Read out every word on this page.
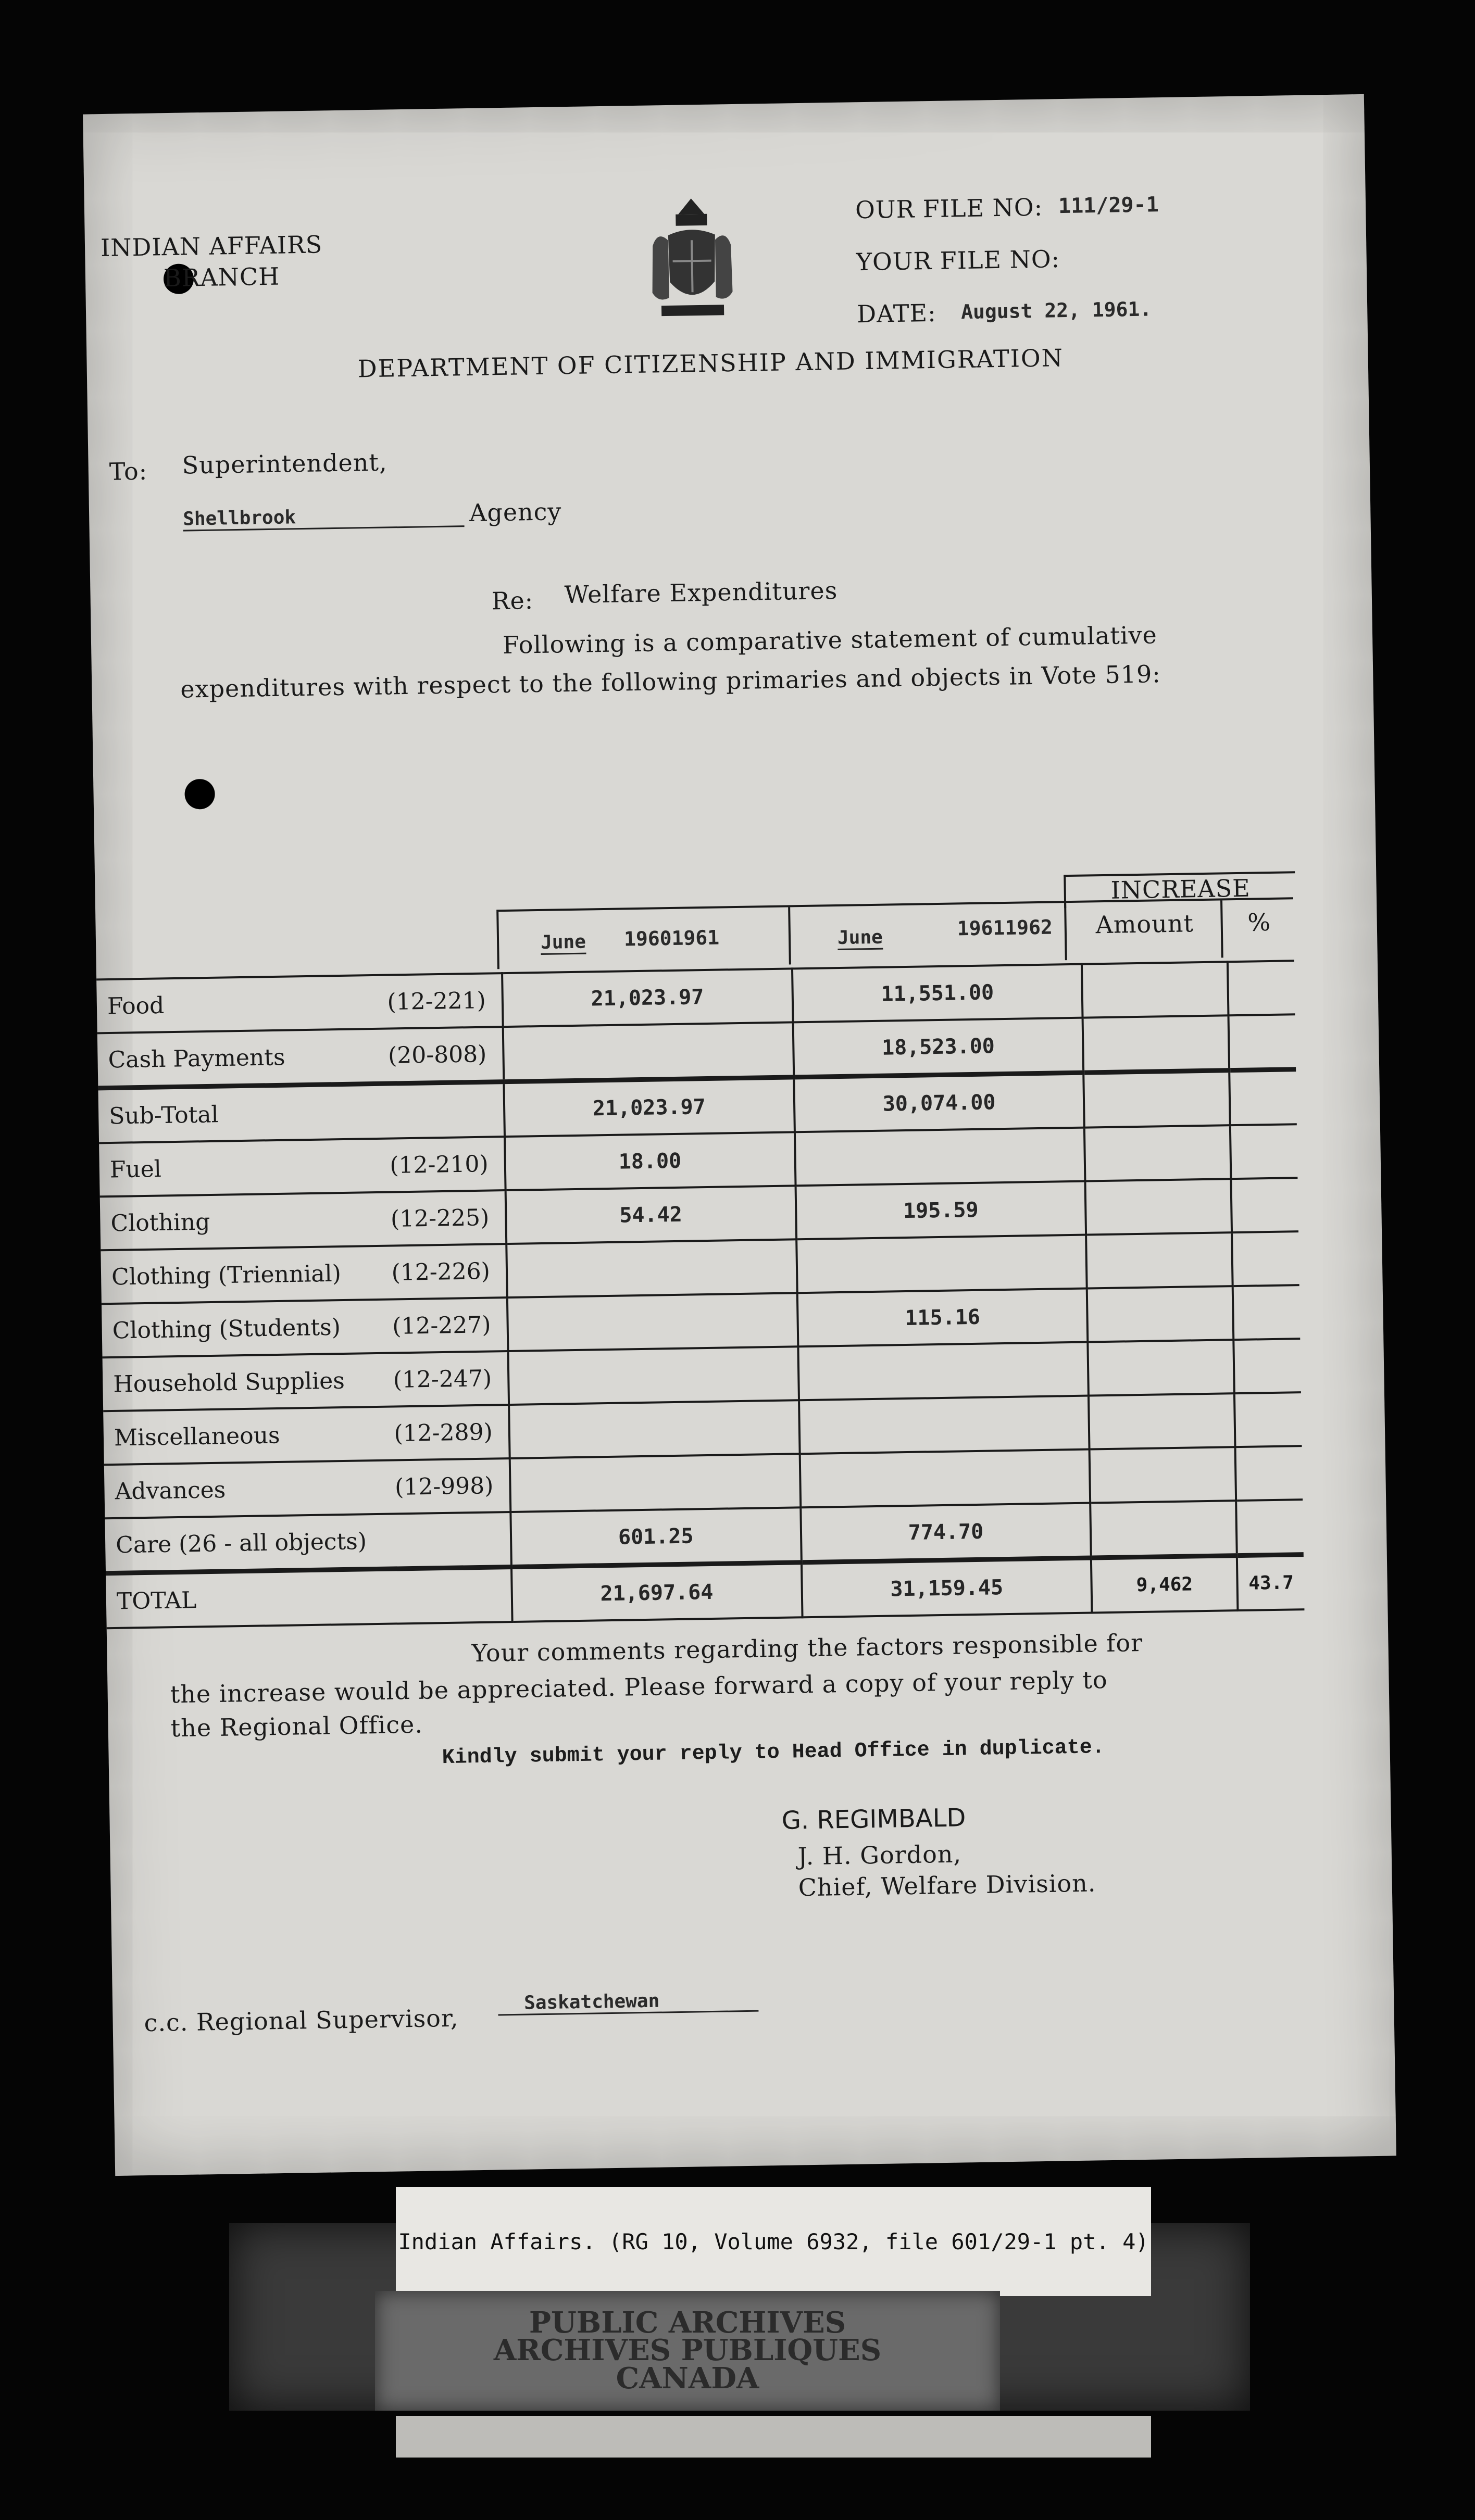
INDIAN AFFAIRS
BRANCH
OUR FILE NO: 111/29-1
YOUR FILE NO:
DATE: August 22, 1961.
DEPARTMENT OF CITIZENSHIP AND IMMIGRATION
To: Superintendent,
Shellbrook	Agency
Re: Welfare Expenditures
Following is a comparative statement of cumulative
expenditures with respect to the following primaries and objects in Vote 519:
INCREASE
June 19601961	June	19611962	Amount	%
Food (12-221)	21,023.97	11,551.00		

Cash Payments (20-808)		18,523.00		

Sub-Total	21,023.97	30,074.00		

Fuel (12-210)	18.00			

Clothing (12-225)	54.42	195.59		

Clothing (Triennial) (12-226)				

Clothing (Students) (12-227)		115.16		

Household Supplies (12-247)				

Miscellaneous (12-289)				

Advances (12-998)				

Care (26 - all objects)	601.25	774.70		

TOTAL	21,697.64	31,159.45	9,462	43.7
Your comments regarding the factors responsible for
the increase would be appreciated. Please forward a copy of your reply to
the Regional Office.
Kindly submit your reply to Head Office in duplicate.
G. REGIMBALD
J. H. Gordon,
Chief, Welfare Division.
c.c. Regional Supervisor,
Saskatchewan
Indian Affairs. (RG 10, Volume 6932, file 601/29-1 pt. 4)
PUBLIC ARCHIVES
ARCHIVES PUBLIQUES
CANADA
